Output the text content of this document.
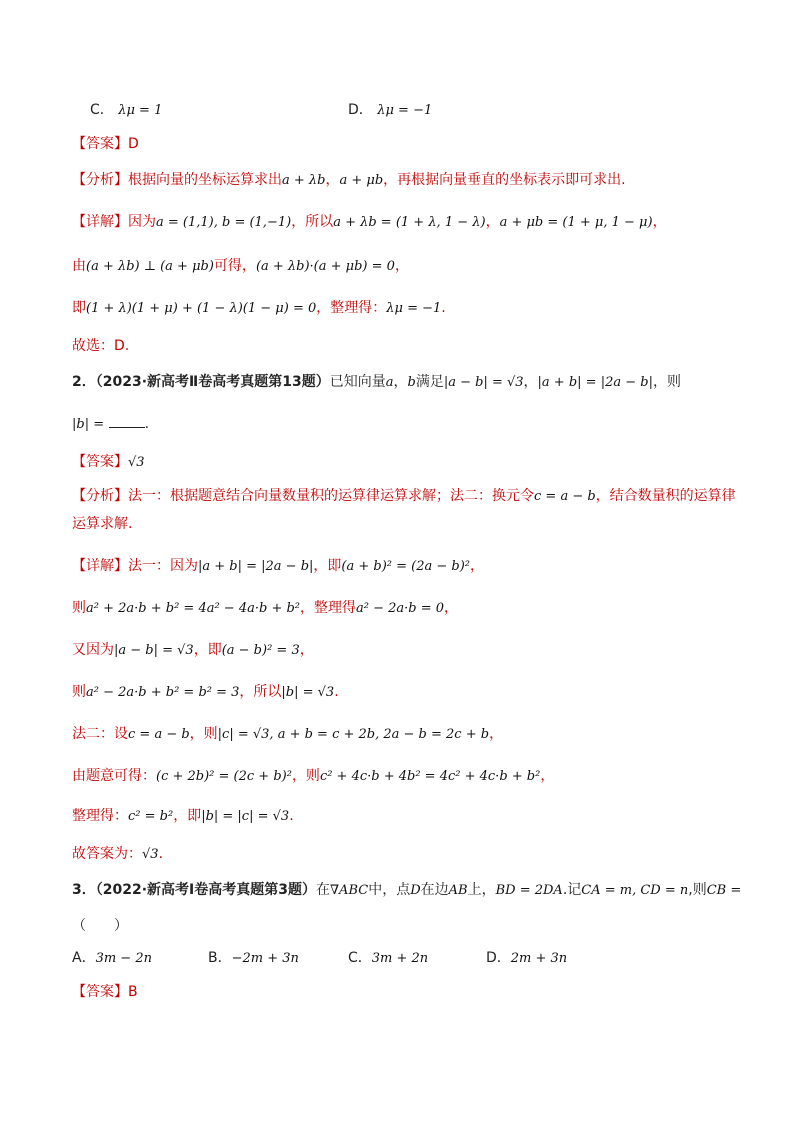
C． λμ = 1	D． λμ = −1
【答案】D
【分析】根据向量的坐标运算求出a + λb，a + μb，再根据向量垂直的坐标表示即可求出.
【详解】因为a = (1,1), b = (1,−1)，所以a + λb = (1 + λ, 1 − λ)，a + μb = (1 + μ, 1 − μ)，
由(a + λb) ⊥ (a + μb)可得，(a + λb)·(a + μb) = 0，
即(1 + λ)(1 + μ) + (1 − λ)(1 − μ) = 0，整理得：λμ = −1.
故选：D.
2．（2023·新高考Ⅱ卷高考真题第13题）已知向量a，b满足|a − b| = √3，|a + b| = |2a − b|，则
|b| =	.
【答案】√3
【分析】法一：根据题意结合向量数量积的运算律运算求解；法二：换元令c = a − b，结合数量积的运算律
运算求解.
【详解】法一：因为|a + b| = |2a − b|，即(a + b)² = (2a − b)²，
则a² + 2a·b + b² = 4a² − 4a·b + b²，整理得a² − 2a·b = 0，
又因为|a − b| = √3，即(a − b)² = 3，
则a² − 2a·b + b² = b² = 3，所以|b| = √3.
法二：设c = a − b，则|c| = √3, a + b = c + 2b, 2a − b = 2c + b，
由题意可得：(c + 2b)² = (2c + b)²，则c² + 4c·b + 4b² = 4c² + 4c·b + b²，
整理得：c² = b²，即|b| = |c| = √3.
故答案为：√3.
3．（2022·新高考Ⅰ卷高考真题第3题）在∇ABC中，点D在边AB上，BD = 2DA.记CA = m, CD = n,则CB =
（　　）
A．3m − 2n	B．−2m + 3n	C．3m + 2n	D．2m + 3n
【答案】B
